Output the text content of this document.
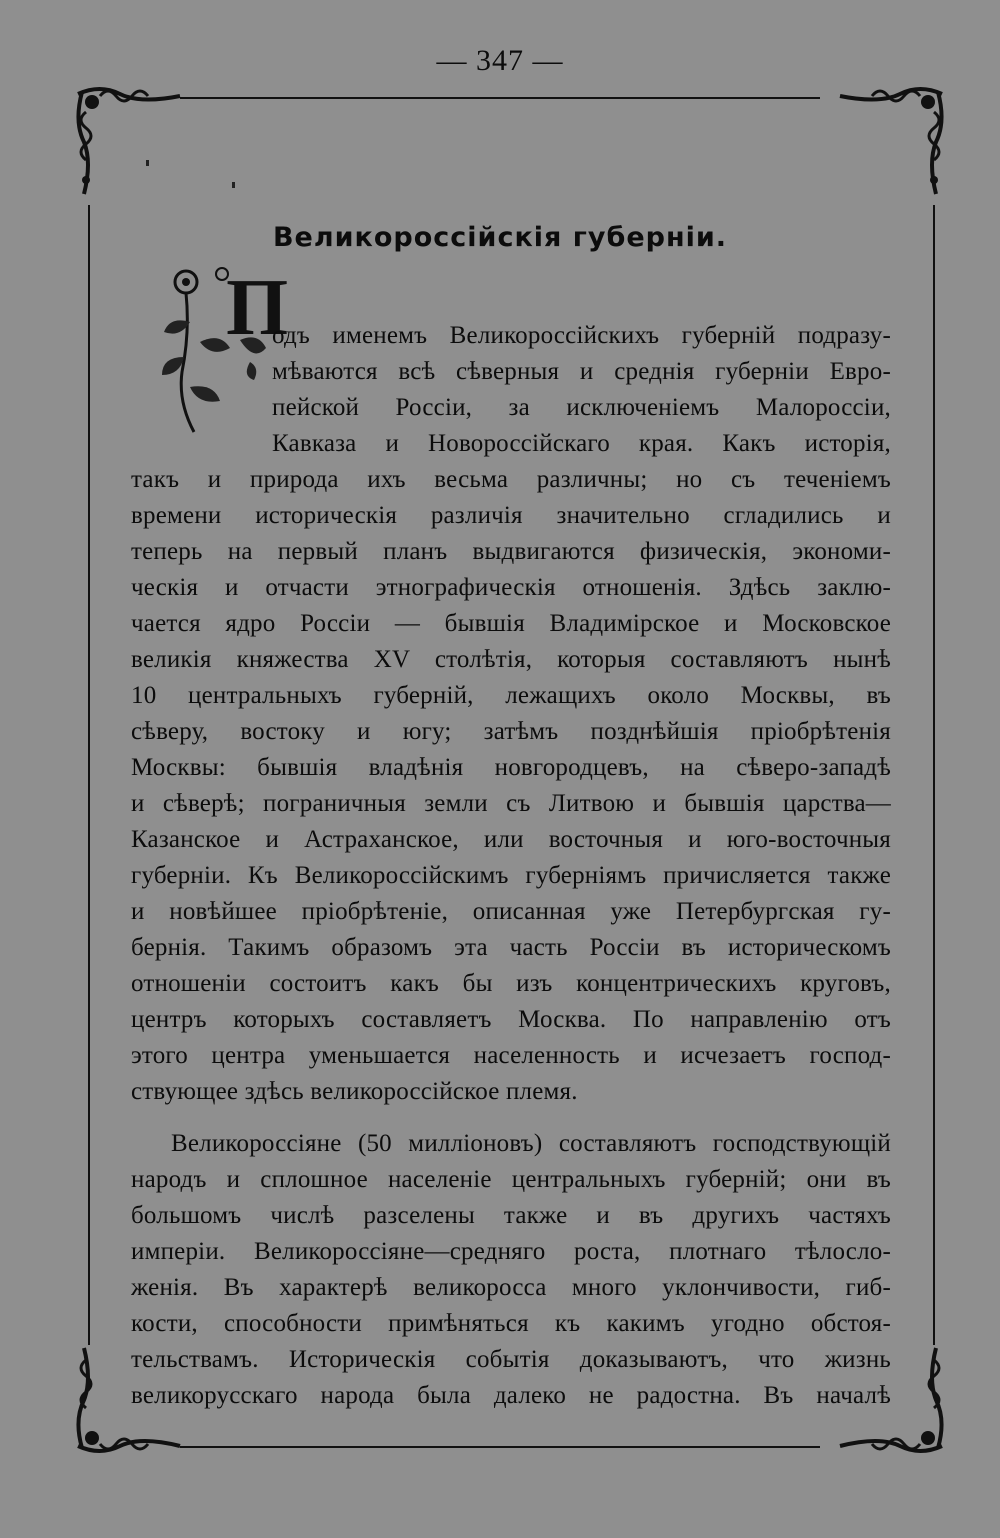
— 347 —
Великороссійскія губерніи.
П
одъ именемъ Великороссійскихъ губерній подразу-
мѣваются всѣ сѣверныя и среднія губерніи Евро-
пейской Россіи, за исключеніемъ Малороссіи,
Кавказа и Новороссійскаго края. Какъ исторія,
такъ и природа ихъ весьма различны; но съ теченіемъ
времени историческія различія значительно сгладились и
теперь на первый планъ выдвигаются физическія, экономи-
ческія и отчасти этнографическія отношенія. Здѣсь заклю-
чается ядро Россіи — бывшія Владимірское и Московское
великія княжества XV столѣтія, которыя составляютъ нынѣ
10 центральныхъ губерній, лежащихъ около Москвы, въ
сѣверу, востоку и югу; затѣмъ позднѣйшія пріобрѣтенія
Москвы: бывшія владѣнія новгородцевъ, на сѣверо-западѣ
и сѣверѣ; пограничныя земли съ Литвою и бывшія царства—
Казанское и Астраханское, или восточныя и юго-восточныя
губерніи. Къ Великороссійскимъ губерніямъ причисляется также
и новѣйшее пріобрѣтеніе, описанная уже Петербургская гу-
бернія. Такимъ образомъ эта часть Россіи въ историческомъ
отношеніи состоитъ какъ бы изъ концентрическихъ круговъ,
центръ которыхъ составляетъ Москва. По направленію отъ
этого центра уменьшается населенность и исчезаетъ господ-
ствующее здѣсь великороссійское племя.
Великороссіяне (50 милліоновъ) составляютъ господствующій
народъ и сплошное населеніе центральныхъ губерній; они въ
большомъ числѣ разселены также и въ другихъ частяхъ
имперіи. Великороссіяне—средняго роста, плотнаго тѣлосло-
женія. Въ характерѣ великоросса много уклончивости, гиб-
кости, способности примѣняться къ какимъ угодно обстоя-
тельствамъ. Историческія событія доказываютъ, что жизнь
великорусскаго народа была далеко не радостна. Въ началѣ
